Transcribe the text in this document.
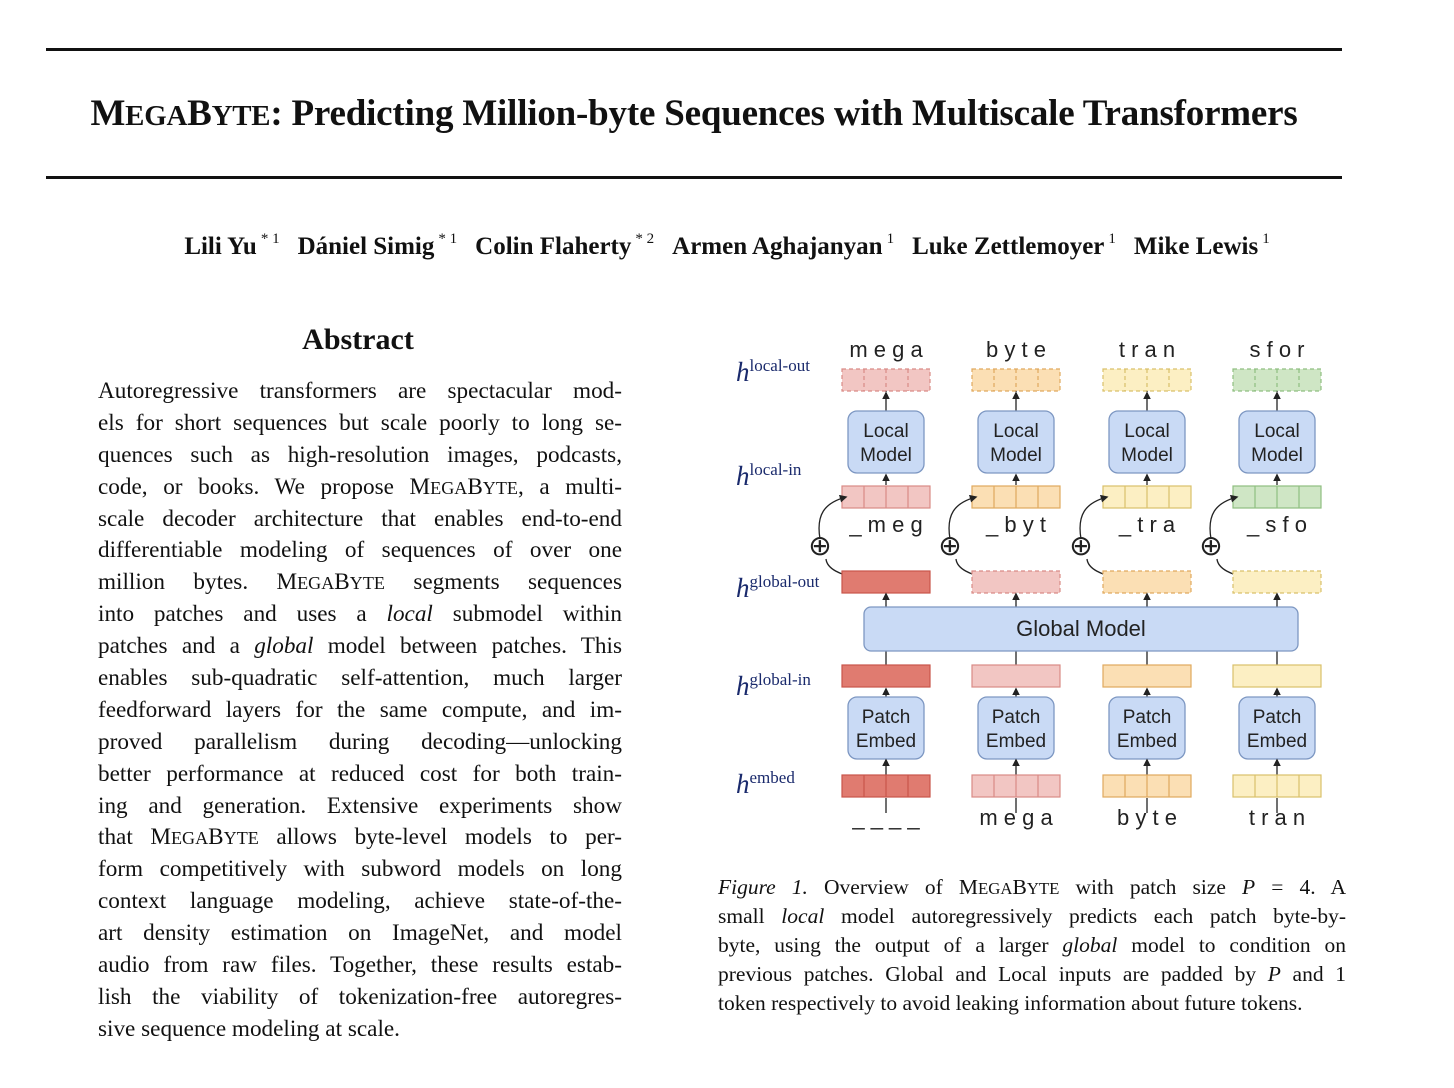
MEGABYTE: Predicting Million-byte Sequences with Multiscale Transformers
Lili Yu $^{* 1}$ Dániel Simig $^{* 1}$ Colin Flaherty $^{* 2}$ Armen Aghajanyan $^1$ Luke Zettlemoyer $^1$ Mike Lewis $^1$
Abstract
Autoregressive transformers are spectacular mod-
els for short sequences but scale poorly to long se-
quences such as high-resolution images, podcasts,
code, or books. We propose MEGABYTE, a multi-
scale decoder architecture that enables end-to-end
differentiable modeling of sequences of over one
million bytes. MEGABYTE segments sequences
into patches and uses a local submodel within
patches and a global model between patches. This
enables sub-quadratic self-attention, much larger
feedforward layers for the same compute, and im-
proved parallelism during decoding—unlocking
better performance at reduced cost for both train-
ing and generation. Extensive experiments show
that MEGABYTE allows byte-level models to per-
form competitively with subword models on long
context language modeling, achieve state-of-the-
art density estimation on ImageNet, and model
audio from raw files. Together, these results estab-
lish the viability of tokenization-free autoregres-
sive sequence modeling at scale.
$h^{local-out}$
$h^{local-in}$
$h^{global-out}$
$h^{global-in}$
$h^{embed}$
m e g a
Local
Model
_ m e g
⊕
Patch
Embed
_ _ _ _
b y t e
Local
Model
_ b y t
⊕
Patch
Embed
m e g a
t r a n
Local
Model
_ t r a
⊕
Patch
Embed
b y t e
s f o r
Local
Model
_ s f o
⊕
Patch
Embed
t r a n
Global Model
Figure 1. Overview of MEGABYTE with patch size P = 4. A
small local model autoregressively predicts each patch byte-by-
byte, using the output of a larger global model to condition on
previous patches. Global and Local inputs are padded by P and 1
token respectively to avoid leaking information about future tokens.
